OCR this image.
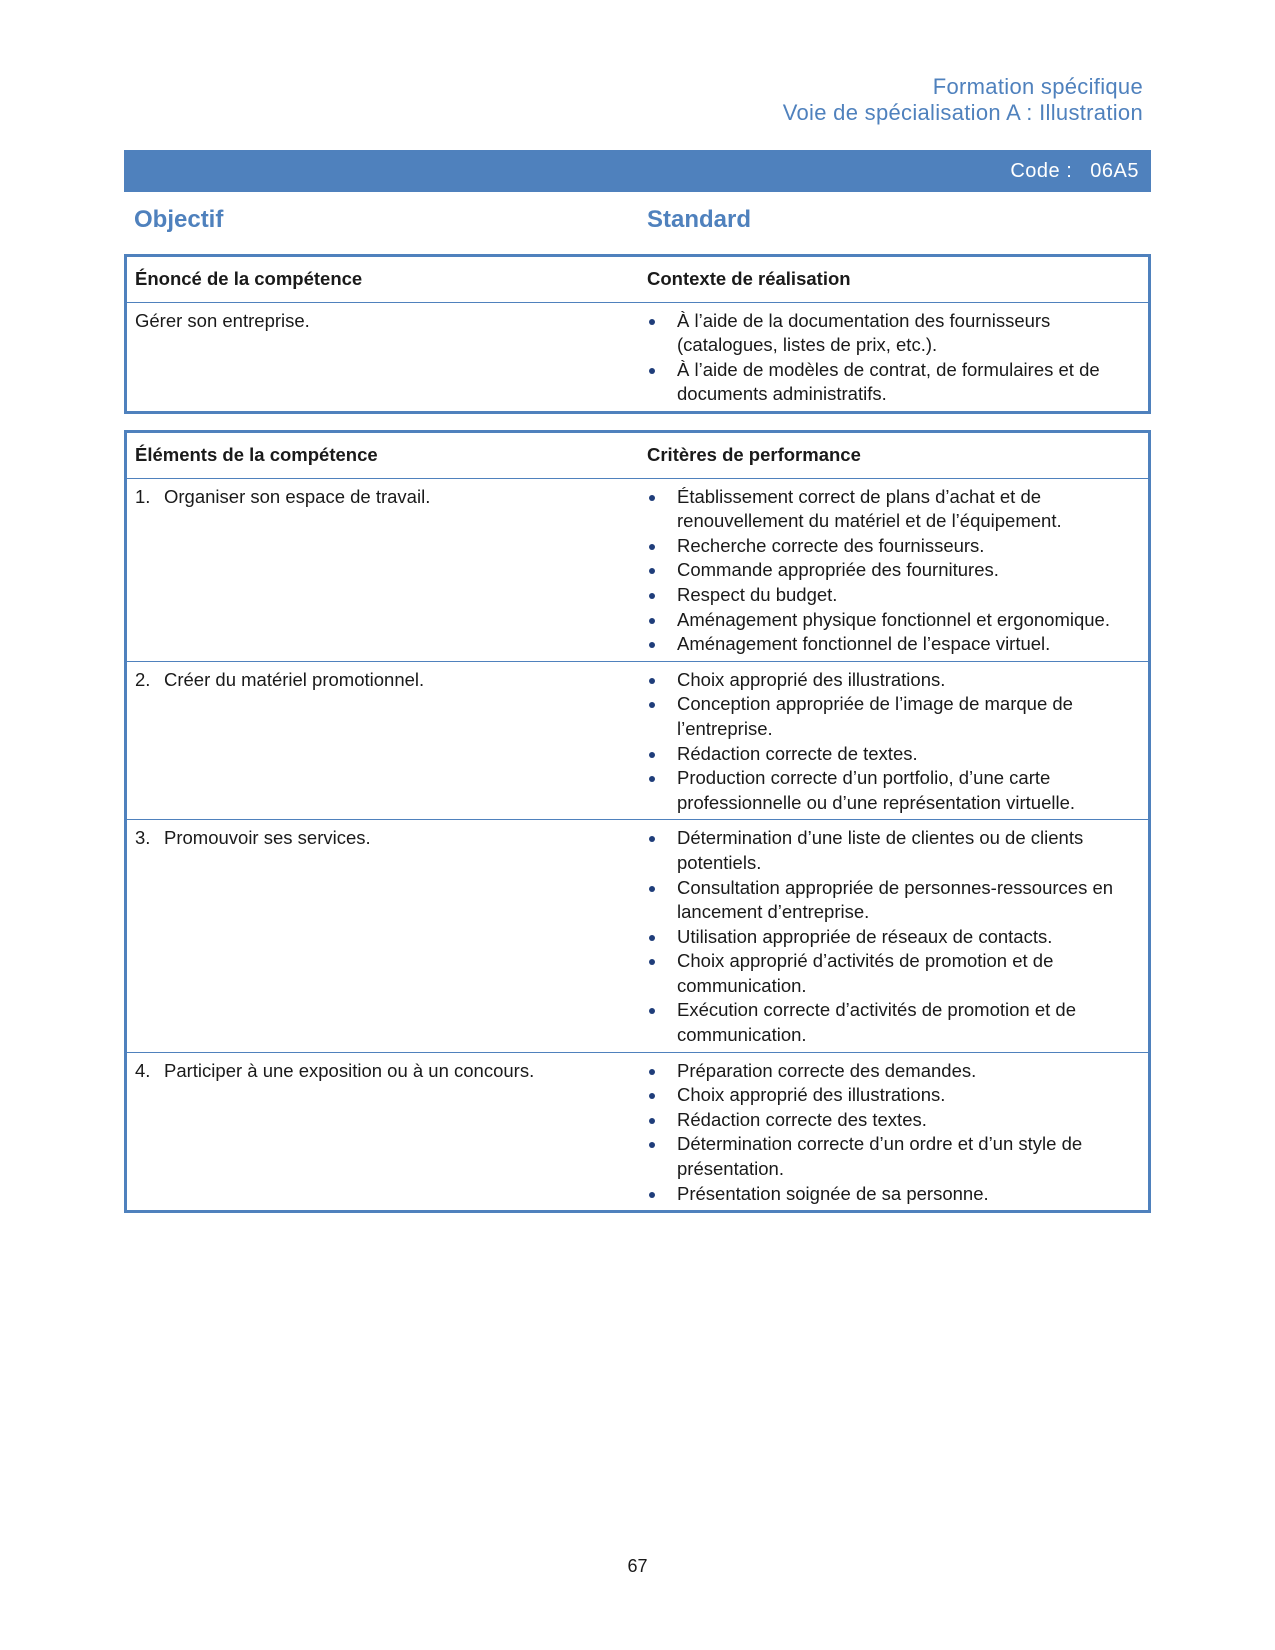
Formation spécifique
Voie de spécialisation A : Illustration
Code : 06A5
Objectif	Standard
Énoncé de la compétence	Contexte de réalisation
Gérer son entreprise.	À l’aide de la documentation des fournisseurs (catalogues, listes de prix, etc.).
À l’aide de modèles de contrat, de formulaires et de documents administratifs.
Éléments de la compétence	Critères de performance
1. Organiser son espace de travail.	Établissement correct de plans d’achat et de renouvellement du matériel et de l’équipement.
Recherche correcte des fournisseurs.
Commande appropriée des fournitures.
Respect du budget.
Aménagement physique fonctionnel et ergonomique.
Aménagement fonctionnel de l’espace virtuel.
2. Créer du matériel promotionnel.	Choix approprié des illustrations.
Conception appropriée de l’image de marque de l’entreprise.
Rédaction correcte de textes.
Production correcte d’un portfolio, d’une carte professionnelle ou d’une représentation virtuelle.
3. Promouvoir ses services.	Détermination d’une liste de clientes ou de clients potentiels.
Consultation appropriée de personnes-ressources en lancement d’entreprise.
Utilisation appropriée de réseaux de contacts.
Choix approprié d’activités de promotion et de communication.
Exécution correcte d’activités de promotion et de communication.
4. Participer à une exposition ou à un concours.	Préparation correcte des demandes.
Choix approprié des illustrations.
Rédaction correcte des textes.
Détermination correcte d’un ordre et d’un style de présentation.
Présentation soignée de sa personne.
67
